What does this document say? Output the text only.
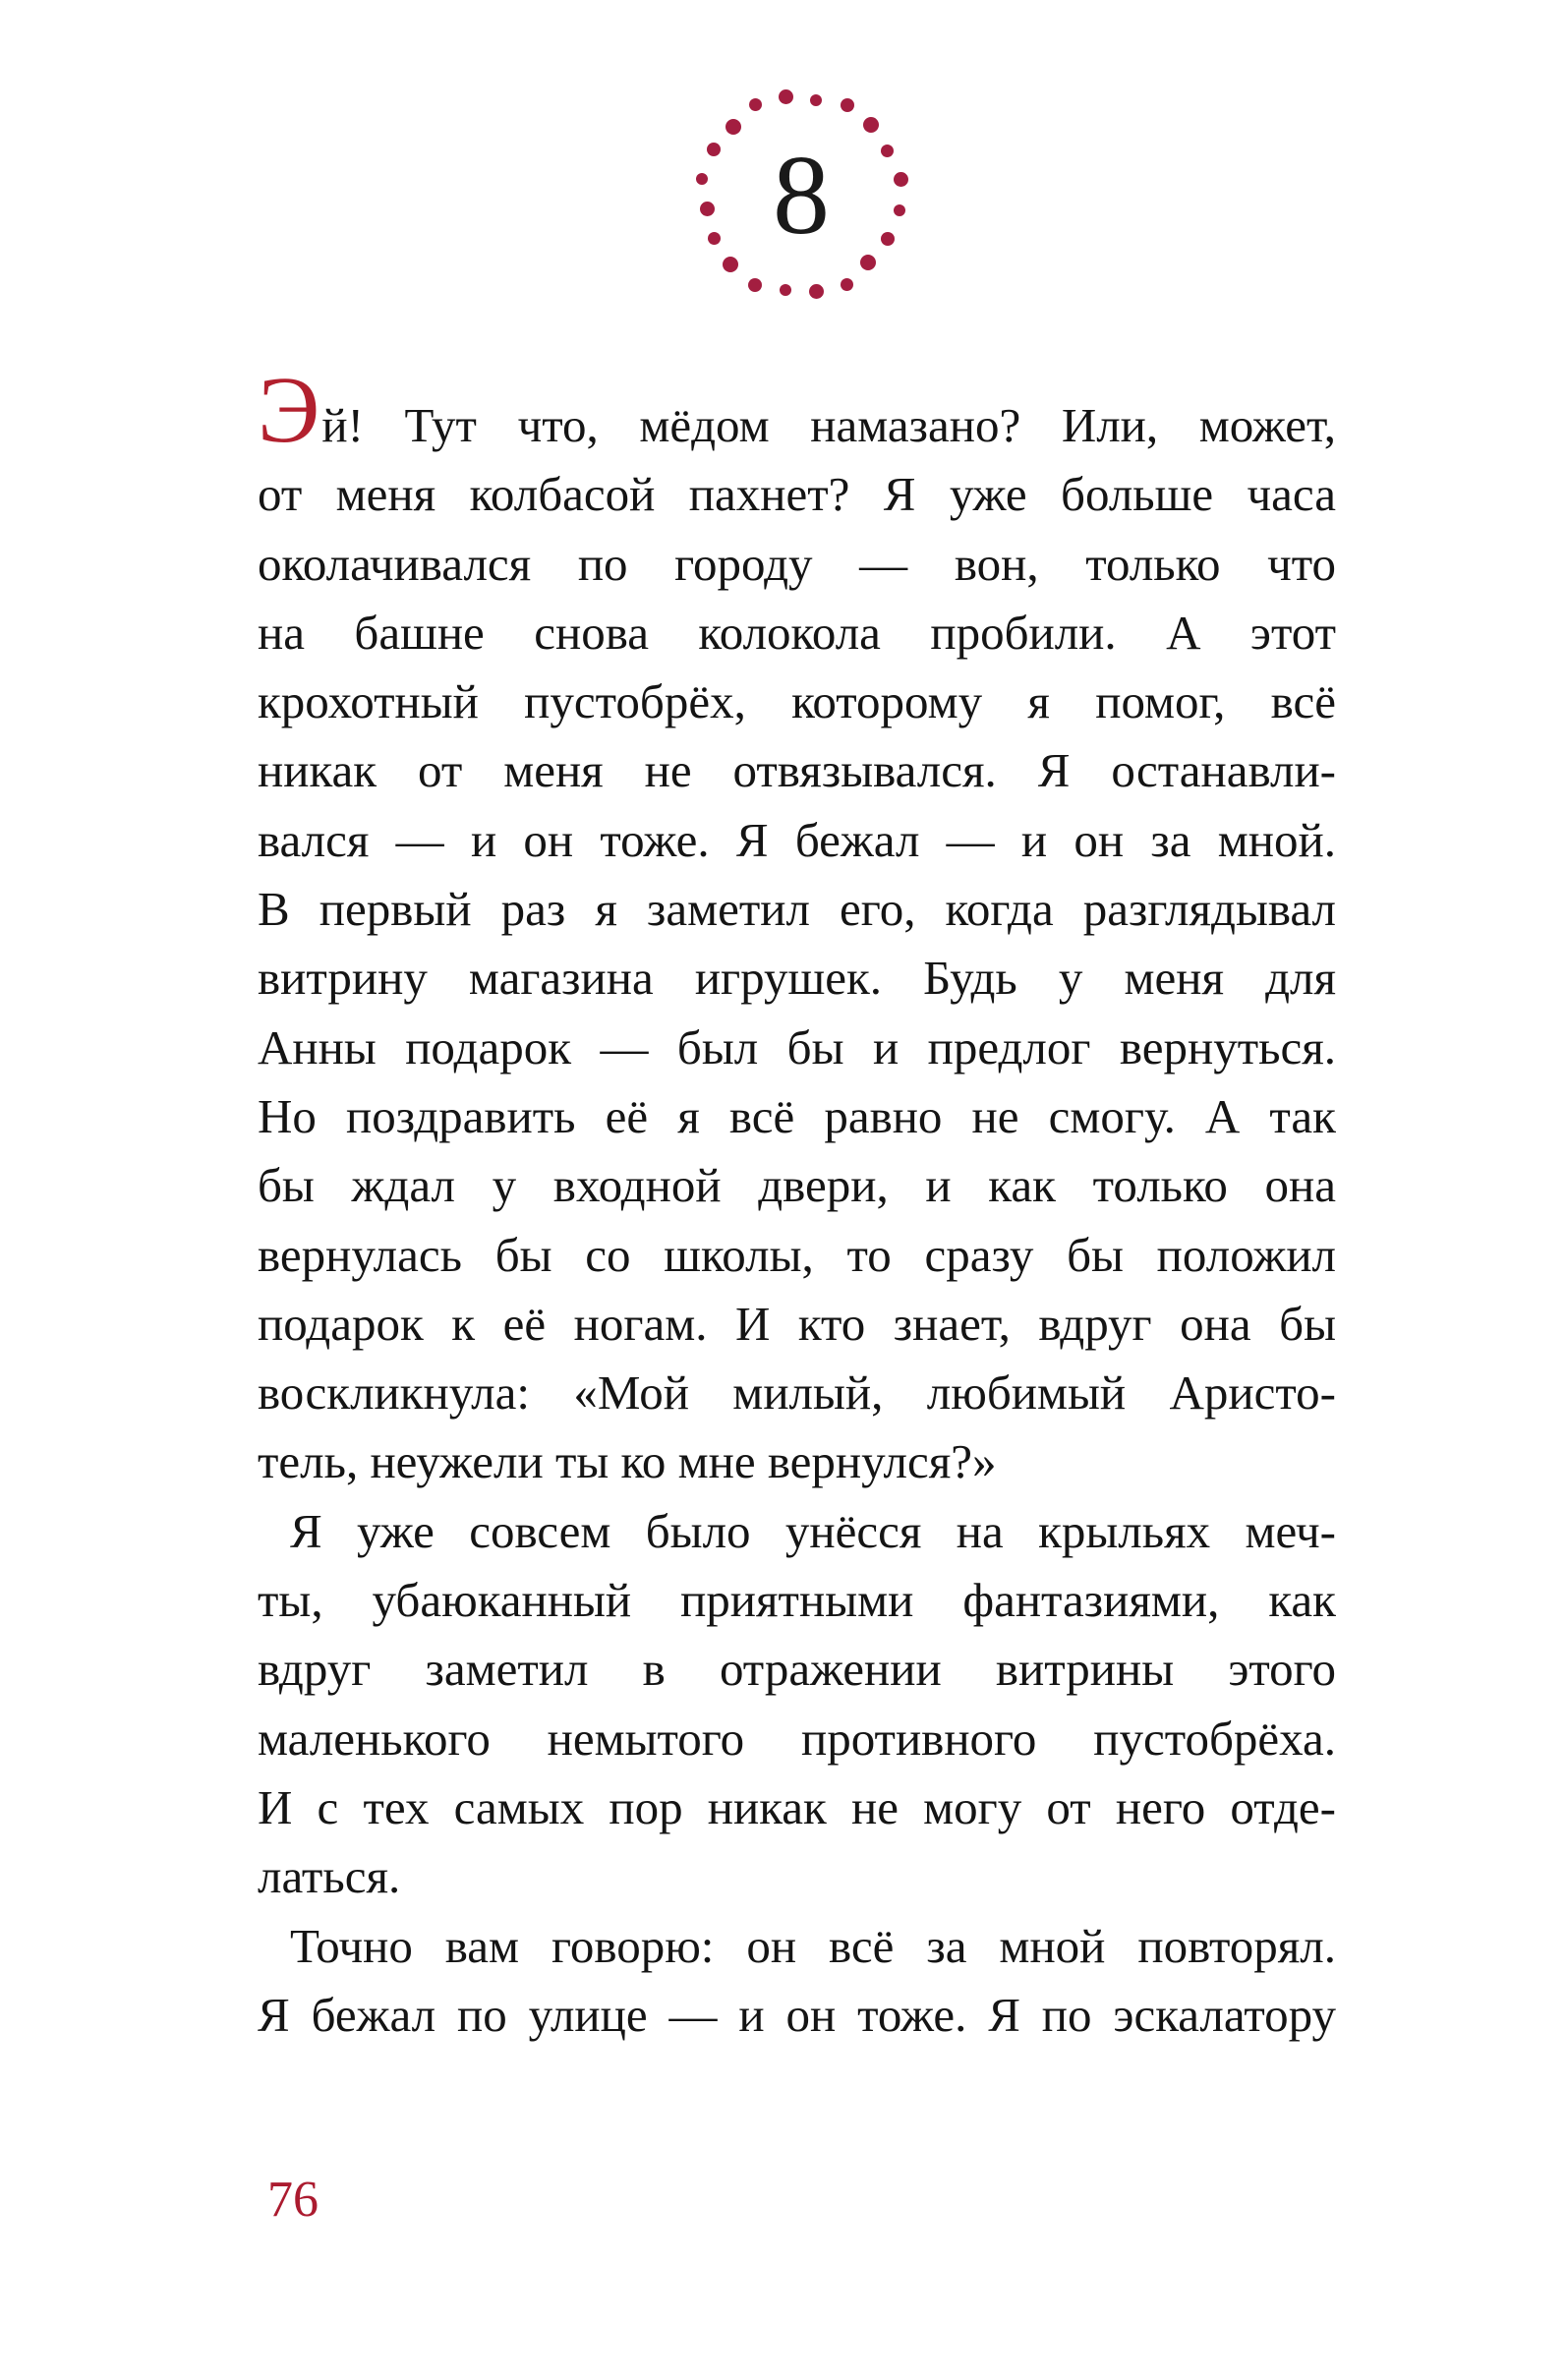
8
Эй! Тут что, мёдом намазано? Или, может,
от меня колбасой пахнет? Я уже больше часа
околачивался по городу — вон, только что
на башне снова колокола пробили. А этот
крохотный пустобрёх, которому я помог, всё
никак от меня не отвязывался. Я останавли-
вался — и он тоже. Я бежал — и он за мной.
В первый раз я заметил его, когда разглядывал
витрину магазина игрушек. Будь у меня для
Анны подарок — был бы и предлог вернуться.
Но поздравить её я всё равно не смогу. А так
бы ждал у входной двери, и как только она
вернулась бы со школы, то сразу бы положил
подарок к её ногам. И кто знает, вдруг она бы
воскликнула: «Мой милый, любимый Аристо-
тель, неужели ты ко мне вернулся?»
Я уже совсем было унёсся на крыльях меч-
ты, убаюканный приятными фантазиями, как
вдруг заметил в отражении витрины этого
маленького немытого противного пустобрёха.
И с тех самых пор никак не могу от него отде-
латься.
Точно вам говорю: он всё за мной повторял.
Я бежал по улице — и он тоже. Я по эскалатору
76
